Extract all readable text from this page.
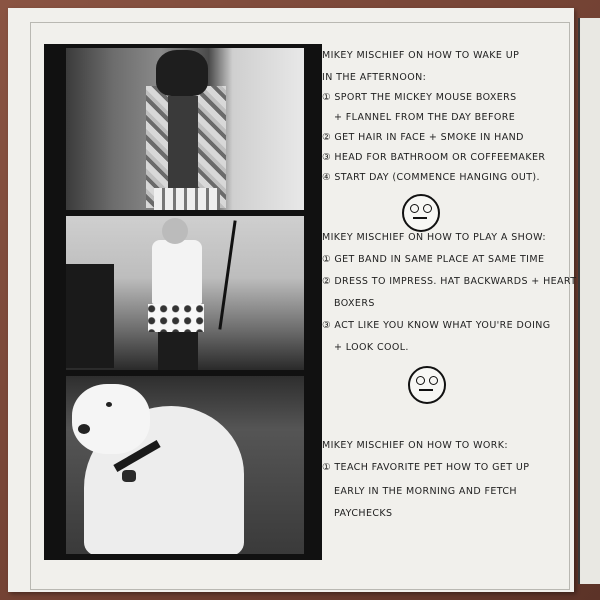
MIKEY MISCHIEF ON HOW TO WAKE UP
IN THE AFTERNOON:
① SPORT THE MICKEY MOUSE BOXERS
+ FLANNEL FROM THE DAY BEFORE
② GET HAIR IN FACE + SMOKE IN HAND
③ HEAD FOR BATHROOM OR COFFEEMAKER
④ START DAY (COMMENCE HANGING OUT).
MIKEY MISCHIEF ON HOW TO PLAY A SHOW:
① GET BAND IN SAME PLACE AT SAME TIME
② DRESS TO IMPRESS. HAT BACKWARDS + HEART
BOXERS
③ ACT LIKE YOU KNOW WHAT YOU'RE DOING
+ LOOK COOL.
MIKEY MISCHIEF ON HOW TO WORK:
① TEACH FAVORITE PET HOW TO GET UP
EARLY IN THE MORNING AND FETCH
PAYCHECKS
